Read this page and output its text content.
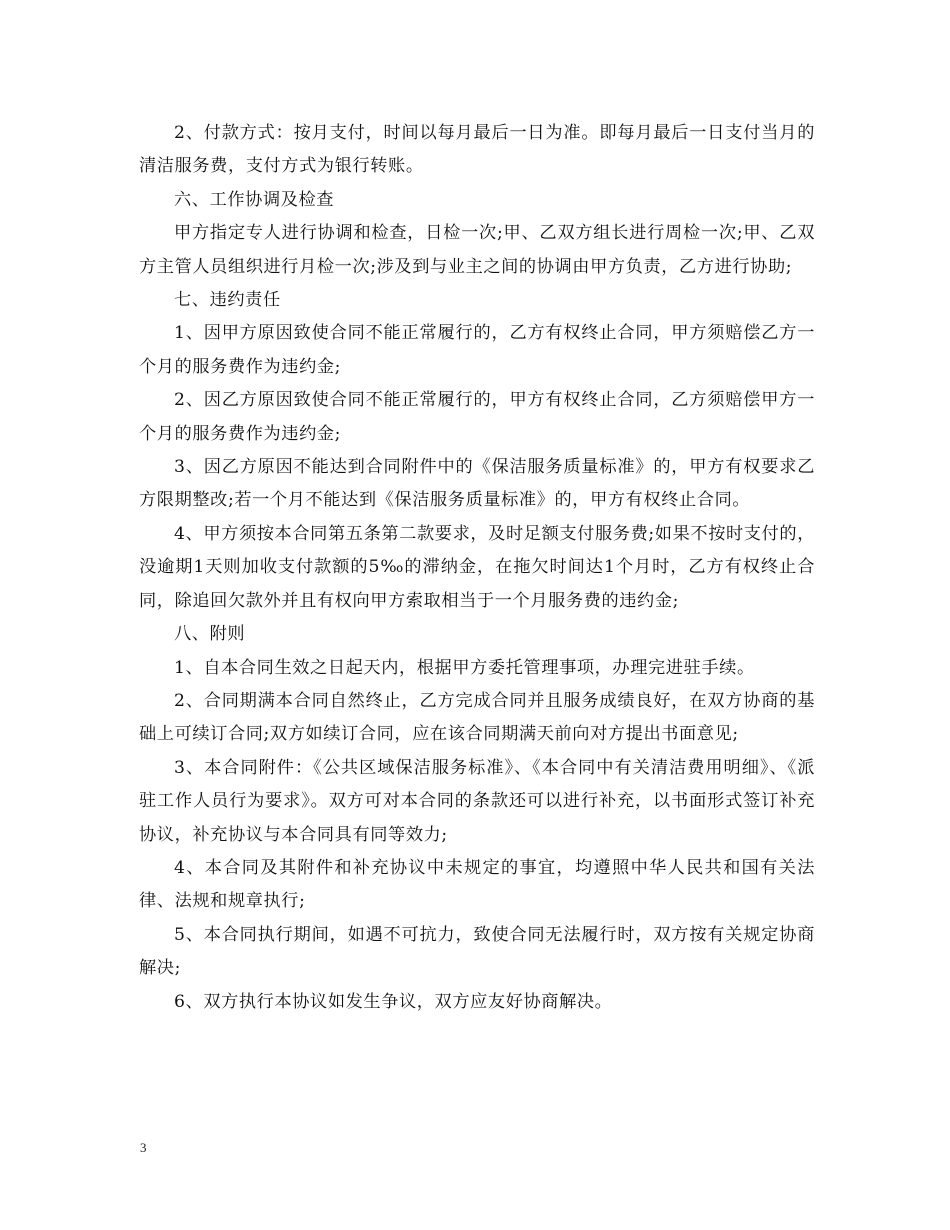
2、付款方式：按月支付，时间以每月最后一日为准。即每月最后一日支付当月的清洁服务费，支付方式为银行转账。

六、工作协调及检查

甲方指定专人进行协调和检查，日检一次;甲、乙双方组长进行周检一次;甲、乙双方主管人员组织进行月检一次;涉及到与业主之间的协调由甲方负责，乙方进行协助;

七、违约责任

1、因甲方原因致使合同不能正常履行的，乙方有权终止合同，甲方须赔偿乙方一个月的服务费作为违约金;

2、因乙方原因致使合同不能正常履行的，甲方有权终止合同，乙方须赔偿甲方一个月的服务费作为违约金;

3、因乙方原因不能达到合同附件中的《保洁服务质量标准》的，甲方有权要求乙方限期整改;若一个月不能达到《保洁服务质量标准》的，甲方有权终止合同。

4、甲方须按本合同第五条第二款要求，及时足额支付服务费;如果不按时支付的，没逾期1天则加收支付款额的5‰的滞纳金，在拖欠时间达1个月时，乙方有权终止合同，除追回欠款外并且有权向甲方索取相当于一个月服务费的违约金;

八、附则

1、自本合同生效之日起天内，根据甲方委托管理事项，办理完进驻手续。

2、合同期满本合同自然终止，乙方完成合同并且服务成绩良好，在双方协商的基础上可续订合同;双方如续订合同，应在该合同期满天前向对方提出书面意见;

3、本合同附件：《公共区域保洁服务标准》、《本合同中有关清洁费用明细》、《派驻工作人员行为要求》。双方可对本合同的条款还可以进行补充，以书面形式签订补充协议，补充协议与本合同具有同等效力;

4、本合同及其附件和补充协议中未规定的事宜，均遵照中华人民共和国有关法律、法规和规章执行;

5、本合同执行期间，如遇不可抗力，致使合同无法履行时，双方按有关规定协商解决;

6、双方执行本协议如发生争议，双方应友好协商解决。

3
